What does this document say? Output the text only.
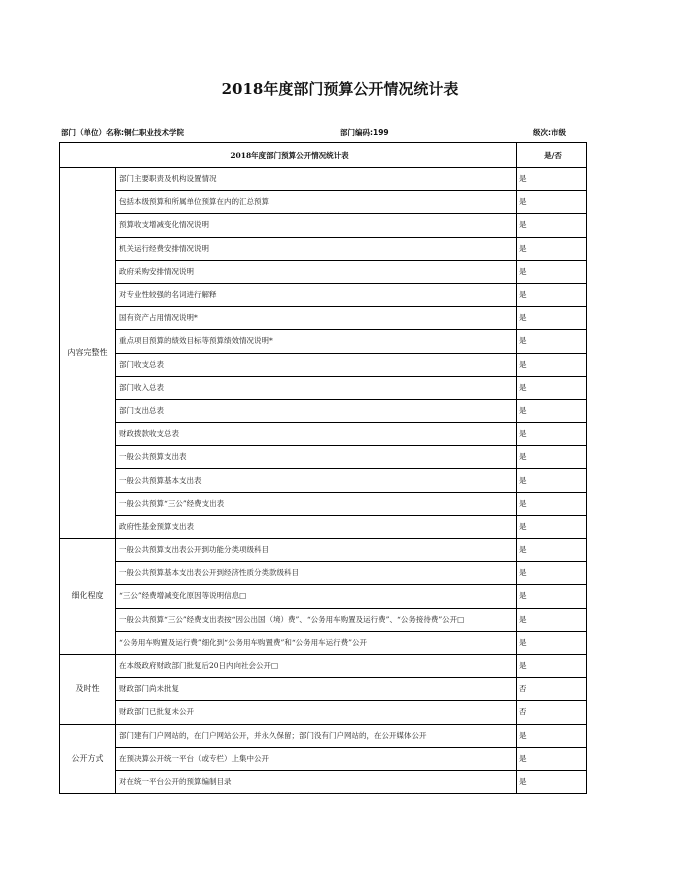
2018年度部门预算公开情况统计表
部门（单位）名称:铜仁职业技术学院	部门编码:199	级次:市级
2018年度部门预算公开情况统计表		是/否
内容完整性	部门主要职责及机构设置情况	是
	包括本级预算和所属单位预算在内的汇总预算	是
	预算收支增减变化情况说明	是
	机关运行经费安排情况说明	是
	政府采购安排情况说明	是
	对专业性较强的名词进行解释	是
	国有资产占用情况说明*	是
	重点项目预算的绩效目标等预算绩效情况说明*	是
	部门收支总表	是
	部门收入总表	是
	部门支出总表	是
	财政拨款收支总表	是
	一般公共预算支出表	是
	一般公共预算基本支出表	是
	一般公共预算“三公”经费支出表	是
	政府性基金预算支出表	是
细化程度	一般公共预算支出表公开到功能分类项级科目	是
	一般公共预算基本支出表公开到经济性质分类款级科目	是
	“三公”经费增减变化原因等说明信息□	是
	一般公共预算“三公”经费支出表按“因公出国（境）费”、“公务用车购置及运行费”、“公务接待费”公开□	是
	“公务用车购置及运行费”细化到“公务用车购置费”和“公务用车运行费”公开	是
及时性	在本级政府财政部门批复后20日内向社会公开□	是
	财政部门尚未批复	否
	财政部门已批复未公开	否
公开方式	部门建有门户网站的，在门户网站公开，并永久保留；部门没有门户网站的，在公开媒体公开	是
	在预决算公开统一平台（或专栏）上集中公开	是
	对在统一平台公开的预算编制目录	是
